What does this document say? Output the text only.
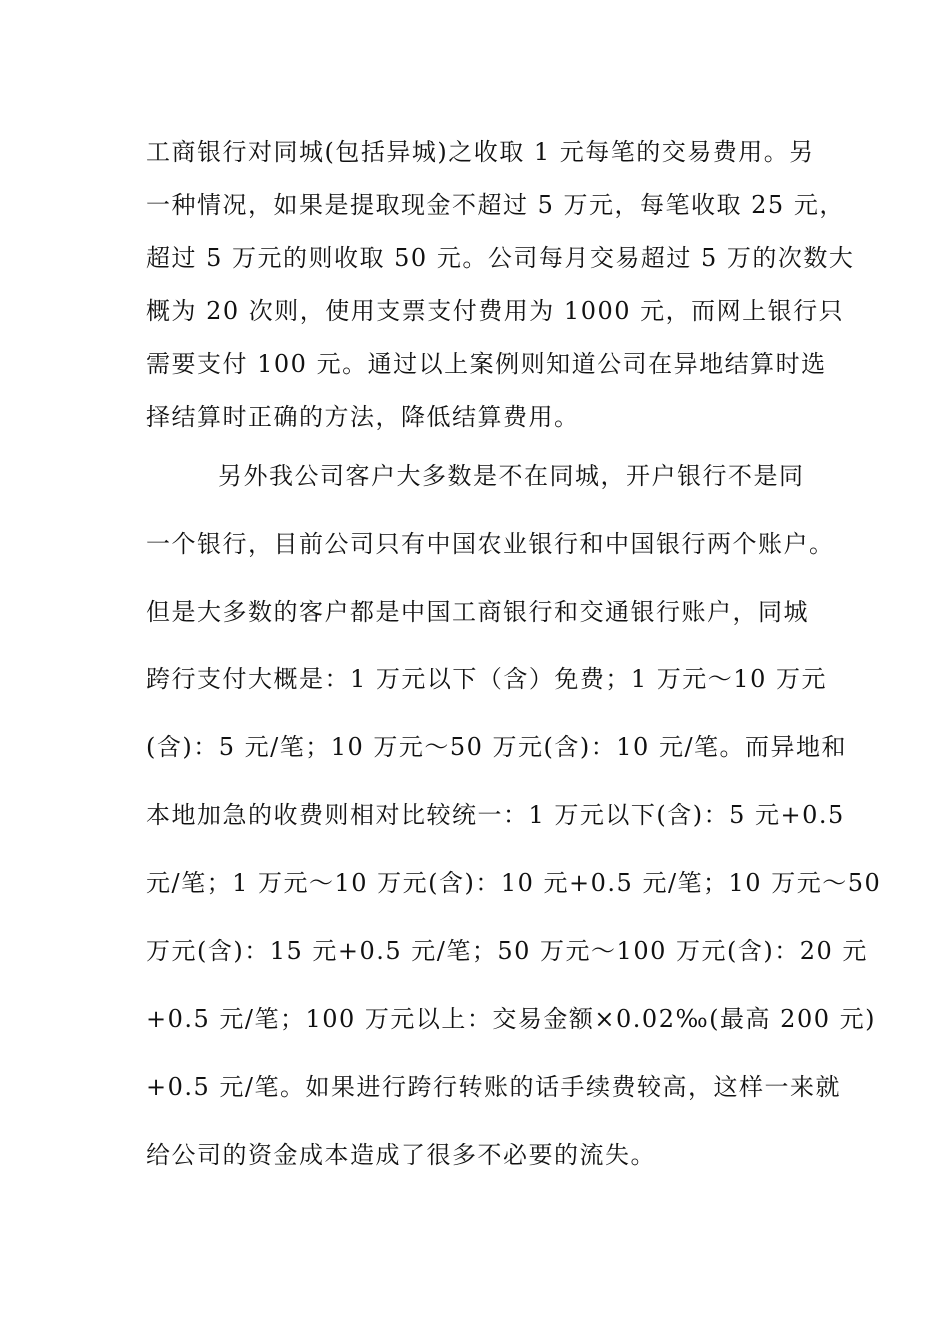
工商银行对同城(包括异城)之收取 1 元每笔的交易费用。另
一种情况，如果是提取现金不超过 5 万元，每笔收取 25 元，
超过 5 万元的则收取 50 元。公司每月交易超过 5 万的次数大
概为 20 次则，使用支票支付费用为 1000 元，而网上银行只
需要支付 100 元。通过以上案例则知道公司在异地结算时选
择结算时正确的方法，降低结算费用。
另外我公司客户大多数是不在同城，开户银行不是同
一个银行，目前公司只有中国农业银行和中国银行两个账户。
但是大多数的客户都是中国工商银行和交通银行账户，同城
跨行支付大概是：1 万元以下（含）免费；1 万元～10 万元
(含)：5 元/笔；10 万元～50 万元(含)：10 元/笔。而异地和
本地加急的收费则相对比较统一：1 万元以下(含)：5 元+0.5
元/笔；1 万元～10 万元(含)：10 元+0.5 元/笔；10 万元～50
万元(含)：15 元+0.5 元/笔；50 万元～100 万元(含)：20 元
+0.5 元/笔；100 万元以上：交易金额×0.02‰(最高 200 元)
+0.5 元/笔。如果进行跨行转账的话手续费较高，这样一来就
给公司的资金成本造成了很多不必要的流失。
